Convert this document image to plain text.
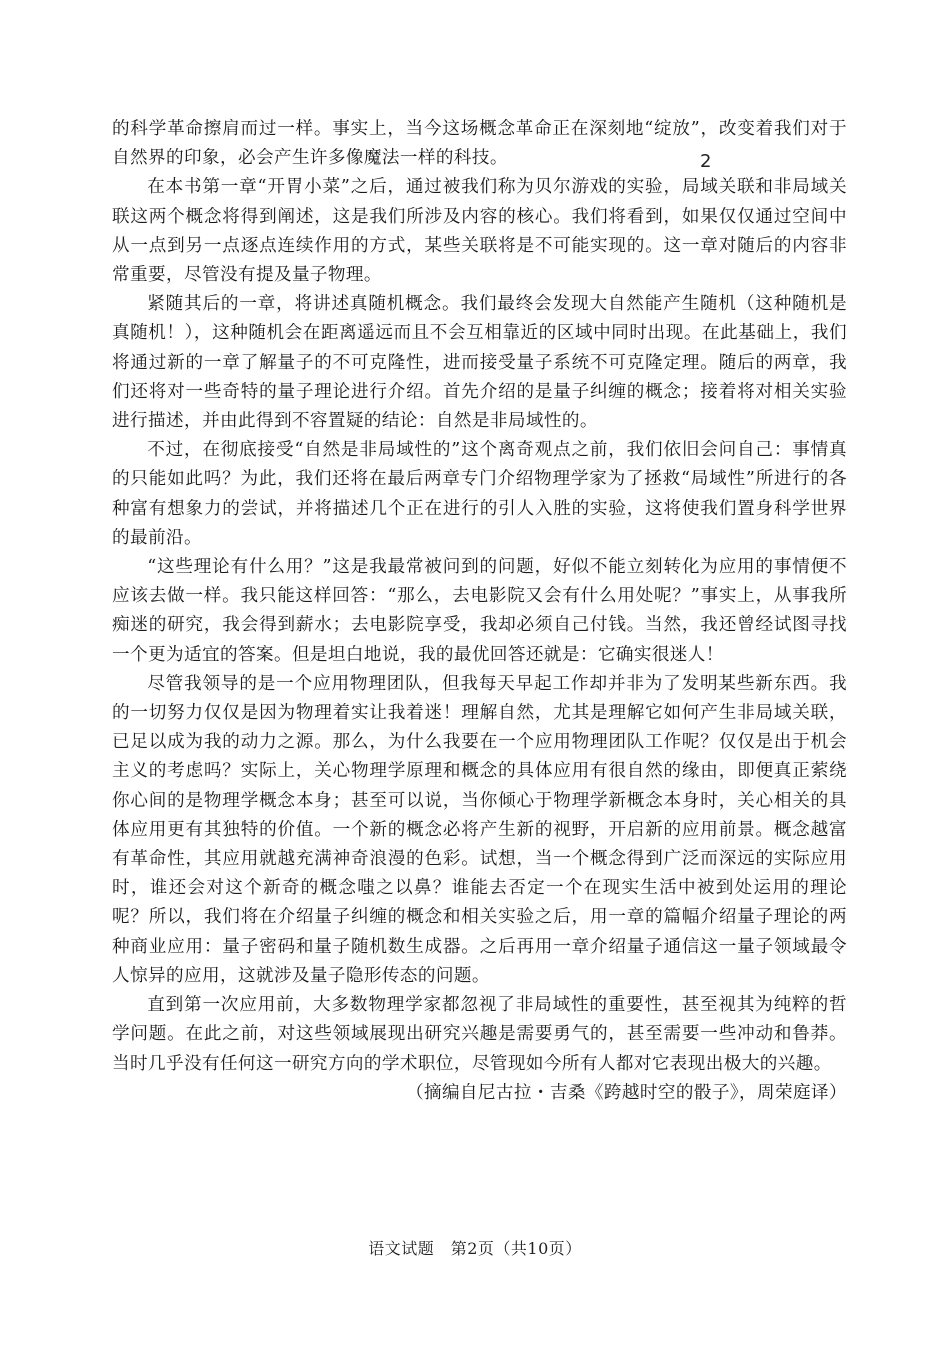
2

的科学革命擦肩而过一样。事实上，当今这场概念革命正在深刻地“绽放”，改变着我们对于自然界的印象，必会产生许多像魔法一样的科技。

在本书第一章“开胃小菜”之后，通过被我们称为贝尔游戏的实验，局域关联和非局域关联这两个概念将得到阐述，这是我们所涉及内容的核心。我们将看到，如果仅仅通过空间中从一点到另一点逐点连续作用的方式，某些关联将是不可能实现的。这一章对随后的内容非常重要，尽管没有提及量子物理。

紧随其后的一章，将讲述真随机概念。我们最终会发现大自然能产生随机（这种随机是真随机！），这种随机会在距离遥远而且不会互相靠近的区域中同时出现。在此基础上，我们将通过新的一章了解量子的不可克隆性，进而接受量子系统不可克隆定理。随后的两章，我们还将对一些奇特的量子理论进行介绍。首先介绍的是量子纠缠的概念；接着将对相关实验进行描述，并由此得到不容置疑的结论：自然是非局域性的。

不过，在彻底接受“自然是非局域性的”这个离奇观点之前，我们依旧会问自己：事情真的只能如此吗？为此，我们还将在最后两章专门介绍物理学家为了拯救“局域性”所进行的各种富有想象力的尝试，并将描述几个正在进行的引人入胜的实验，这将使我们置身科学世界的最前沿。

“这些理论有什么用？”这是我最常被问到的问题，好似不能立刻转化为应用的事情便不应该去做一样。我只能这样回答：“那么，去电影院又会有什么用处呢？”事实上，从事我所痴迷的研究，我会得到薪水；去电影院享受，我却必须自己付钱。当然，我还曾经试图寻找一个更为适宜的答案。但是坦白地说，我的最优回答还就是：它确实很迷人！

尽管我领导的是一个应用物理团队，但我每天早起工作却并非为了发明某些新东西。我的一切努力仅仅是因为物理着实让我着迷！理解自然，尤其是理解它如何产生非局域关联，已足以成为我的动力之源。那么，为什么我要在一个应用物理团队工作呢？仅仅是出于机会主义的考虑吗？实际上，关心物理学原理和概念的具体应用有很自然的缘由，即便真正萦绕你心间的是物理学概念本身；甚至可以说，当你倾心于物理学新概念本身时，关心相关的具体应用更有其独特的价值。一个新的概念必将产生新的视野，开启新的应用前景。概念越富有革命性，其应用就越充满神奇浪漫的色彩。试想，当一个概念得到广泛而深远的实际应用时，谁还会对这个新奇的概念嗤之以鼻？谁能去否定一个在现实生活中被到处运用的理论呢？所以，我们将在介绍量子纠缠的概念和相关实验之后，用一章的篇幅介绍量子理论的两种商业应用：量子密码和量子随机数生成器。之后再用一章介绍量子通信这一量子领域最令人惊异的应用，这就涉及量子隐形传态的问题。

直到第一次应用前，大多数物理学家都忽视了非局域性的重要性，甚至视其为纯粹的哲学问题。在此之前，对这些领域展现出研究兴趣是需要勇气的，甚至需要一些冲动和鲁莽。当时几乎没有任何这一研究方向的学术职位，尽管现如今所有人都对它表现出极大的兴趣。

（摘编自尼古拉・吉桑《跨越时空的骰子》，周荣庭译）

语文试题　第2页（共10页）
